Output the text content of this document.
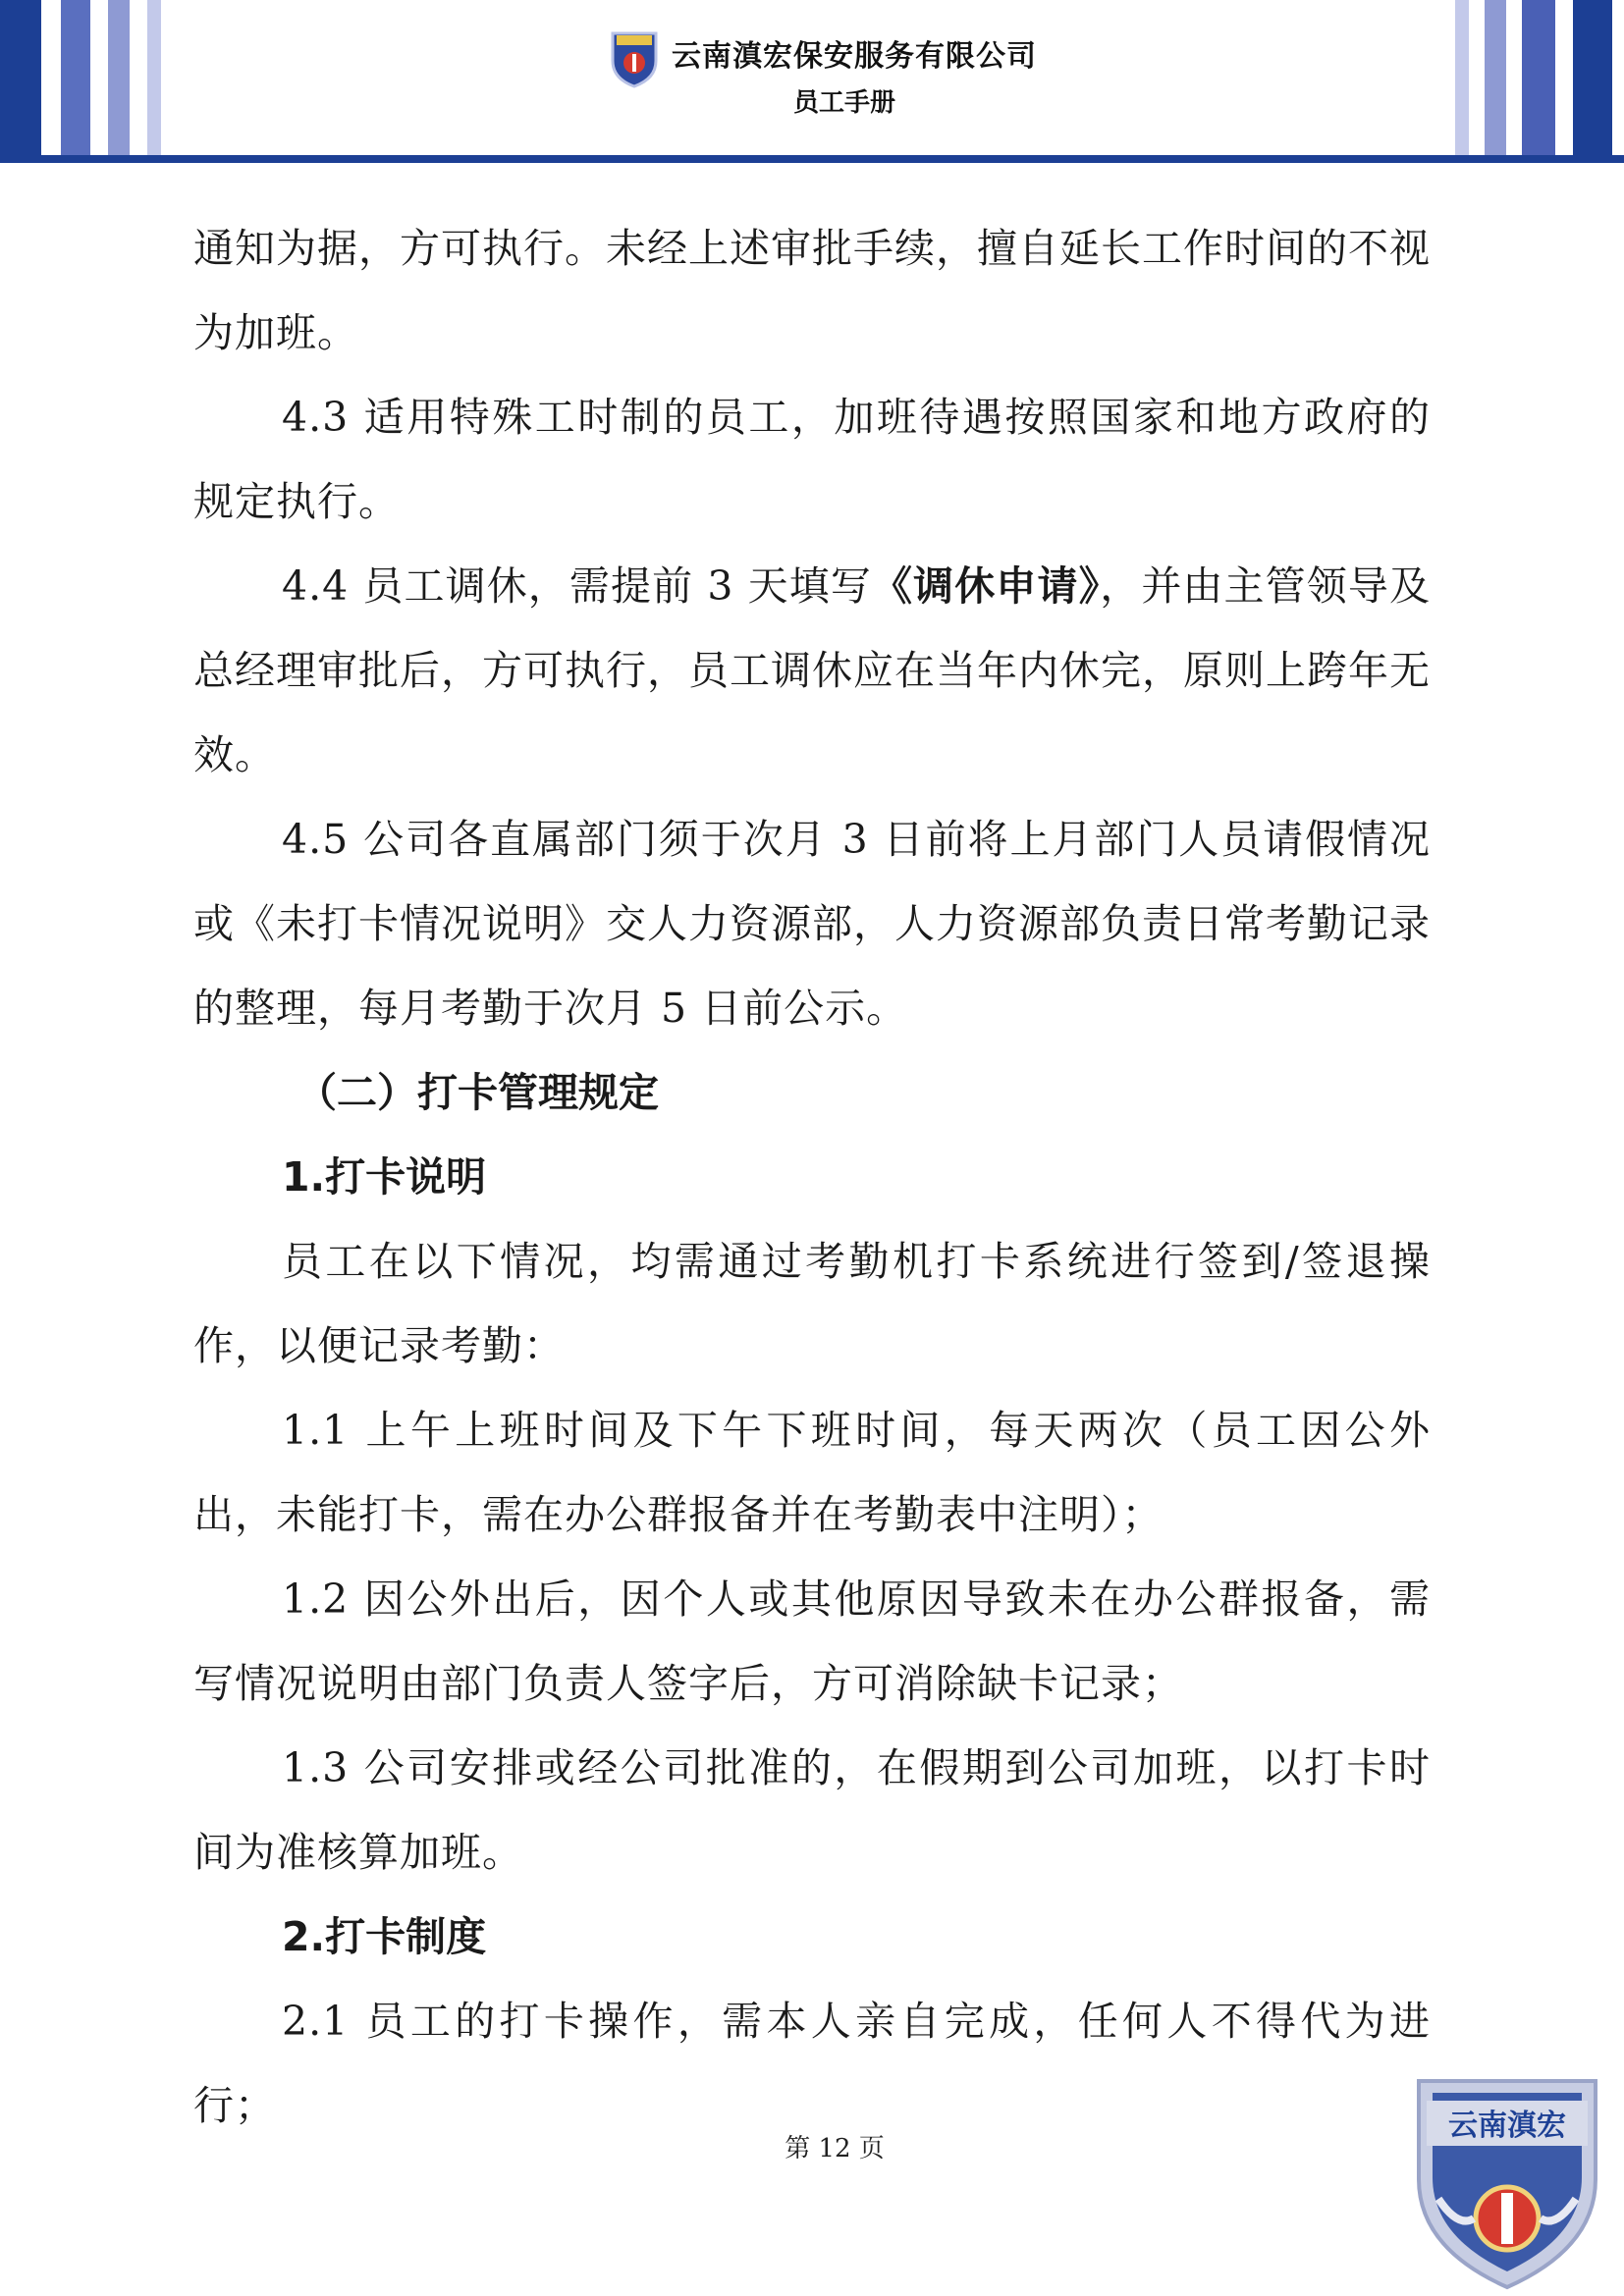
云南滇宏保安服务有限公司
员工手册

通知为据，方可执行。未经上述审批手续，擅自延长工作时间的不视为加班。

4.3 适用特殊工时制的员工，加班待遇按照国家和地方政府的规定执行。

4.4 员工调休，需提前 3 天填写《调休申请》，并由主管领导及总经理审批后，方可执行，员工调休应在当年内休完，原则上跨年无效。

4.5 公司各直属部门须于次月 3 日前将上月部门人员请假情况或《未打卡情况说明》交人力资源部，人力资源部负责日常考勤记录的整理，每月考勤于次月 5 日前公示。

（二）打卡管理规定

1.打卡说明

员工在以下情况，均需通过考勤机打卡系统进行签到/签退操作，以便记录考勤：

1.1 上午上班时间及下午下班时间，每天两次（员工因公外出，未能打卡，需在办公群报备并在考勤表中注明）；

1.2 因公外出后，因个人或其他原因导致未在办公群报备，需写情况说明由部门负责人签字后，方可消除缺卡记录；

1.3 公司安排或经公司批准的，在假期到公司加班，以打卡时间为准核算加班。

2.打卡制度

2.1 员工的打卡操作，需本人亲自完成，任何人不得代为进行；

第 12 页
云南滇宏
